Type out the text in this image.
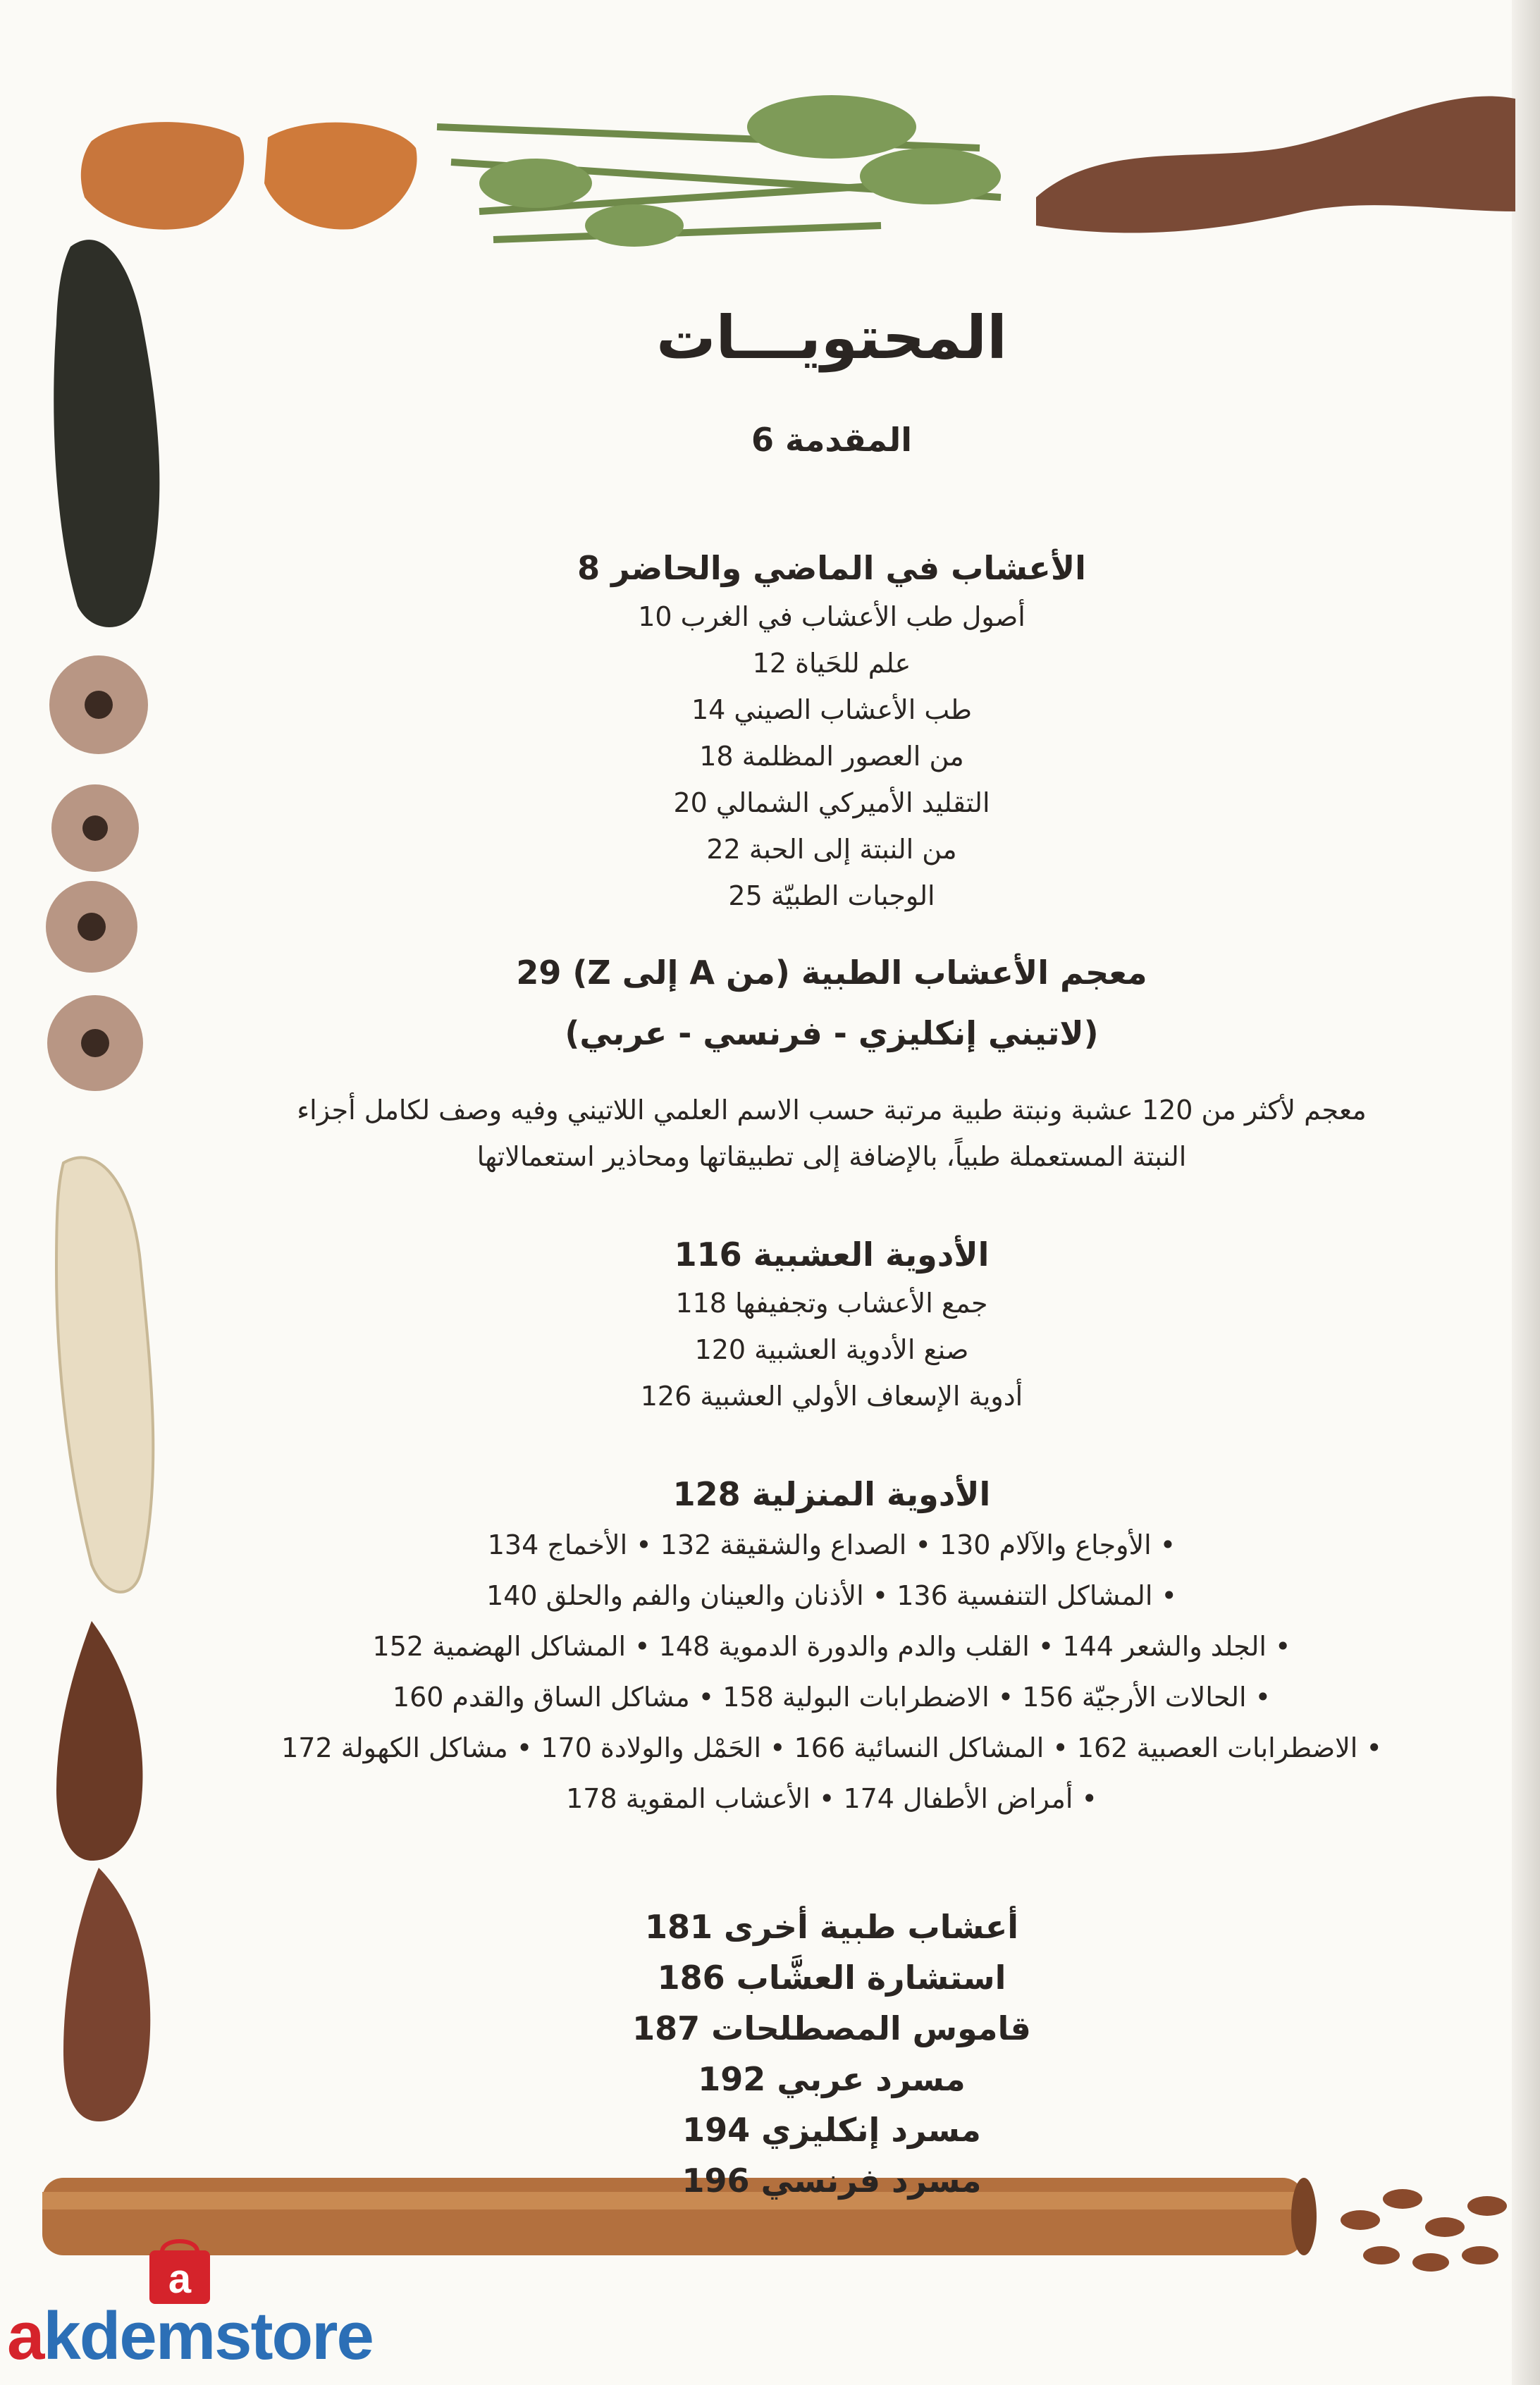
المحتويـــات

المقدمة 6

الأعشاب في الماضي والحاضر 8

أصول طب الأعشاب في الغرب 10

علم للحَياة 12

طب الأعشاب الصيني 14

من العصور المظلمة 18

التقليد الأميركي الشمالي 20

من النبتة إلى الحبة 22

الوجبات الطبيّة 25

معجم الأعشاب الطبية (من A إلى Z) 29

(لاتيني إنكليزي - فرنسي - عربي)

معجم لأكثر من 120 عشبة ونبتة طبية مرتبة حسب الاسم العلمي اللاتيني وفيه وصف لكامل أجزاء

النبتة المستعملة طبياً، بالإضافة إلى تطبيقاتها ومحاذير استعمالاتها

الأدوية العشبية 116

جمع الأعشاب وتجفيفها 118

صنع الأدوية العشبية 120

أدوية الإسعاف الأولي العشبية 126

الأدوية المنزلية 128

• الأوجاع والآلام 130 • الصداع والشقيقة 132 • الأخماج 134

• المشاكل التنفسية 136 • الأذنان والعينان والفم والحلق 140

• الجلد والشعر 144 • القلب والدم والدورة الدموية 148 • المشاكل الهضمية 152

• الحالات الأرجيّة 156 • الاضطرابات البولية 158 • مشاكل الساق والقدم 160

• الاضطرابات العصبية 162 • المشاكل النسائية 166 • الحَمْل والولادة 170 • مشاكل الكهولة 172

• أمراض الأطفال 174 • الأعشاب المقوية 178

أعشاب طبية أخرى 181

استشارة العشَّاب 186

قاموس المصطلحات 187

مسرد عربي 192

مسرد إنكليزي 194

مسرد فرنسي 196

a
akdemstore
